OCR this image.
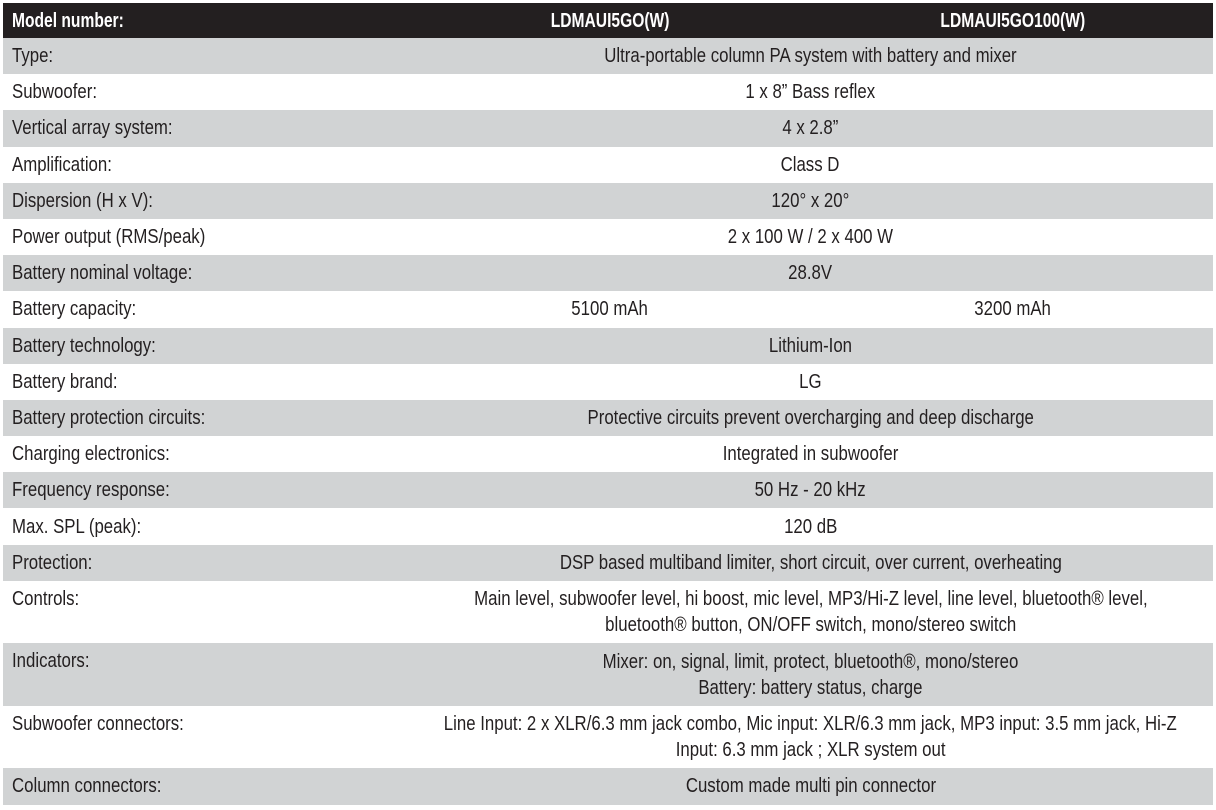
Model number:	LDMAUI5GO(W)	LDMAUI5GO100(W)
Type:	Ultra-portable column PA system with battery and mixer
Subwoofer:	1 x 8” Bass reflex
Vertical array system:	4 x 2.8”
Amplification:	Class D
Dispersion (H x V):	120° x 20°
Power output (RMS/peak)	2 x 100 W / 2 x 400 W
Battery nominal voltage:	28.8V
Battery capacity:	5100 mAh	3200 mAh
Battery technology:	Lithium-Ion
Battery brand:	LG
Battery protection circuits:	Protective circuits prevent overcharging and deep discharge
Charging electronics:	Integrated in subwoofer
Frequency response:	50 Hz - 20 kHz
Max. SPL (peak):	120 dB
Protection:	DSP based multiband limiter, short circuit, over current, overheating
Controls:	Main level, subwoofer level, hi boost, mic level, MP3/Hi-Z level, line level, bluetooth® level,
bluetooth® button, ON/OFF switch, mono/stereo switch
Indicators:	Mixer: on, signal, limit, protect, bluetooth®, mono/stereo
Battery: battery status, charge
Subwoofer connectors:	Line Input: 2 x XLR/6.3 mm jack combo, Mic input: XLR/6.3 mm jack, MP3 input: 3.5 mm jack, Hi-Z
Input: 6.3 mm jack ; XLR system out
Column connectors:	Custom made multi pin connector
